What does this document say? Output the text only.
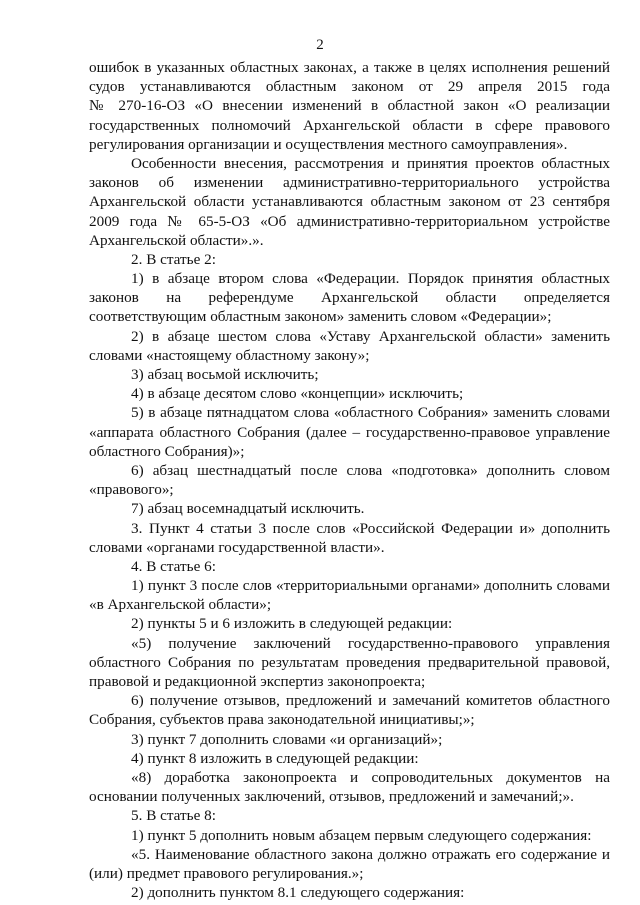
2
ошибок в указанных областных законах, а также в целях исполнения решений
судов устанавливаются областным законом от 29 апреля 2015 года
№ 270-16-ОЗ «О внесении изменений в областной закон «О реализации
государственных полномочий Архангельской области в сфере правового
регулирования организации и осуществления местного самоуправления».
Особенности внесения, рассмотрения и принятия проектов областных
законов об изменении административно-территориального устройства
Архангельской области устанавливаются областным законом от 23 сентября
2009 года № 65-5-ОЗ «Об административно-территориальном устройстве
Архангельской области».».
2. В статье 2:
1) в абзаце втором слова «Федерации. Порядок принятия областных
законов на референдуме Архангельской области определяется
соответствующим областным законом» заменить словом «Федерации»;
2) в абзаце шестом слова «Уставу Архангельской области» заменить
словами «настоящему областному закону»;
3) абзац восьмой исключить;
4) в абзаце десятом слово «концепции» исключить;
5) в абзаце пятнадцатом слова «областного Собрания» заменить словами
«аппарата областного Собрания (далее – государственно-правовое управление
областного Собрания)»;
6) абзац шестнадцатый после слова «подготовка» дополнить словом
«правового»;
7) абзац восемнадцатый исключить.
3. Пункт 4 статьи 3 после слов «Российской Федерации и» дополнить
словами «органами государственной власти».
4. В статье 6:
1) пункт 3 после слов «территориальными органами» дополнить словами
«в Архангельской области»;
2) пункты 5 и 6 изложить в следующей редакции:
«5) получение заключений государственно-правового управления
областного Собрания по результатам проведения предварительной правовой,
правовой и редакционной экспертиз законопроекта;
6) получение отзывов, предложений и замечаний комитетов областного
Собрания, субъектов права законодательной инициативы;»;
3) пункт 7 дополнить словами «и организаций»;
4) пункт 8 изложить в следующей редакции:
«8) доработка законопроекта и сопроводительных документов на
основании полученных заключений, отзывов, предложений и замечаний;».
5. В статье 8:
1) пункт 5 дополнить новым абзацем первым следующего содержания:
«5. Наименование областного закона должно отражать его содержание и
(или) предмет правового регулирования.»;
2) дополнить пунктом 8.1 следующего содержания:
